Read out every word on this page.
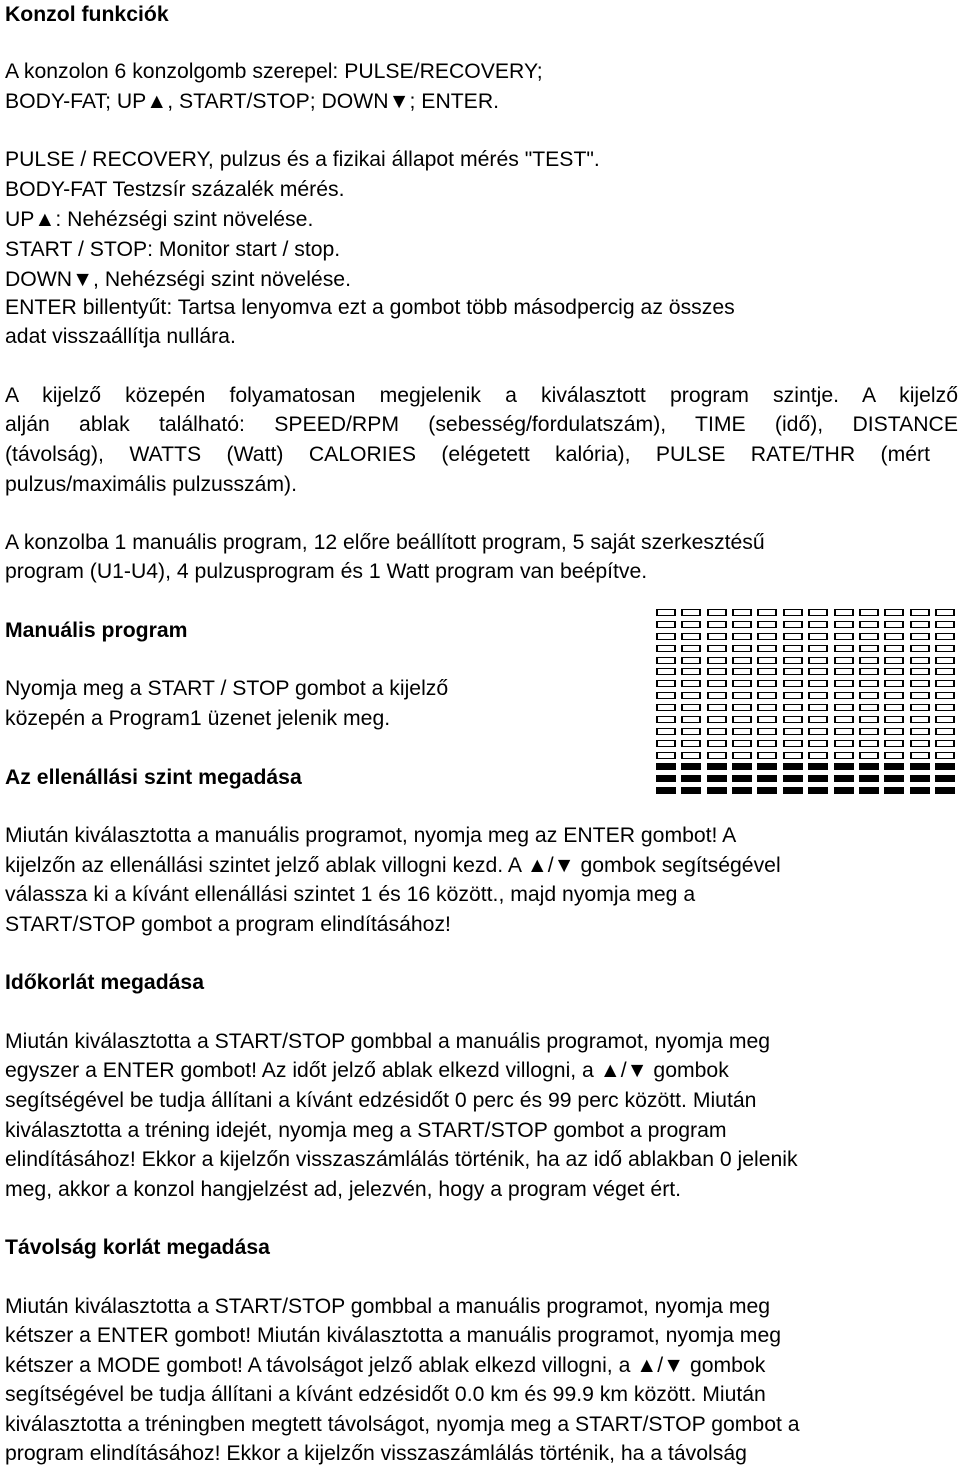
Konzol funkciók
A konzolon 6 konzolgomb szerepel: PULSE/RECOVERY;
BODY-FAT; UP▲, START/STOP; DOWN▼; ENTER.
PULSE / RECOVERY, pulzus és a fizikai állapot mérés "TEST".
BODY-FAT Testzsír százalék mérés.
UP▲: Nehézségi szint növelése.
START / STOP: Monitor start / stop.
DOWN▼, Nehézségi szint növelése.
ENTER billentyűt: Tartsa lenyomva ezt a gombot több másodpercig az összes
adat visszaállítja nullára.
A kijelző közepén folyamatosan megjelenik a kiválasztott program szintje. A kijelző
alján ablak található: SPEED/RPM (sebesség/fordulatszám), TIME (idő), DISTANCE
(távolság), WATTS (Watt) CALORIES (elégetett kalória), PULSE RATE/THR (mért
pulzus/maximális pulzusszám).
A konzolba 1 manuális program, 12 előre beállított program, 5 saját szerkesztésű
program (U1-U4), 4 pulzusprogram és 1 Watt program van beépítve.
Manuális program
Nyomja meg a START / STOP gombot a kijelző
közepén a Program1 üzenet jelenik meg.
Az ellenállási szint megadása
Miután kiválasztotta a manuális programot, nyomja meg az ENTER gombot! A
kijelzőn az ellenállási szintet jelző ablak villogni kezd. A ▲/▼ gombok segítségével
válassza ki a kívánt ellenállási szintet 1 és 16 között., majd nyomja meg a
START/STOP gombot a program elindításához!
Időkorlát megadása
Miután kiválasztotta a START/STOP gombbal a manuális programot, nyomja meg
egyszer a ENTER gombot! Az időt jelző ablak elkezd villogni, a ▲/▼ gombok
segítségével be tudja állítani a kívánt edzésidőt 0 perc és 99 perc között. Miután
kiválasztotta a tréning idejét, nyomja meg a START/STOP gombot a program
elindításához! Ekkor a kijelzőn visszaszámlálás történik, ha az idő ablakban 0 jelenik
meg, akkor a konzol hangjelzést ad, jelezvén, hogy a program véget ért.
Távolság korlát megadása
Miután kiválasztotta a START/STOP gombbal a manuális programot, nyomja meg
kétszer a ENTER gombot! Miután kiválasztotta a manuális programot, nyomja meg
kétszer a MODE gombot! A távolságot jelző ablak elkezd villogni, a ▲/▼ gombok
segítségével be tudja állítani a kívánt edzésidőt 0.0 km és 99.9 km között. Miután
kiválasztotta a tréningben megtett távolságot, nyomja meg a START/STOP gombot a
program elindításához! Ekkor a kijelzőn visszaszámlálás történik, ha a távolság
